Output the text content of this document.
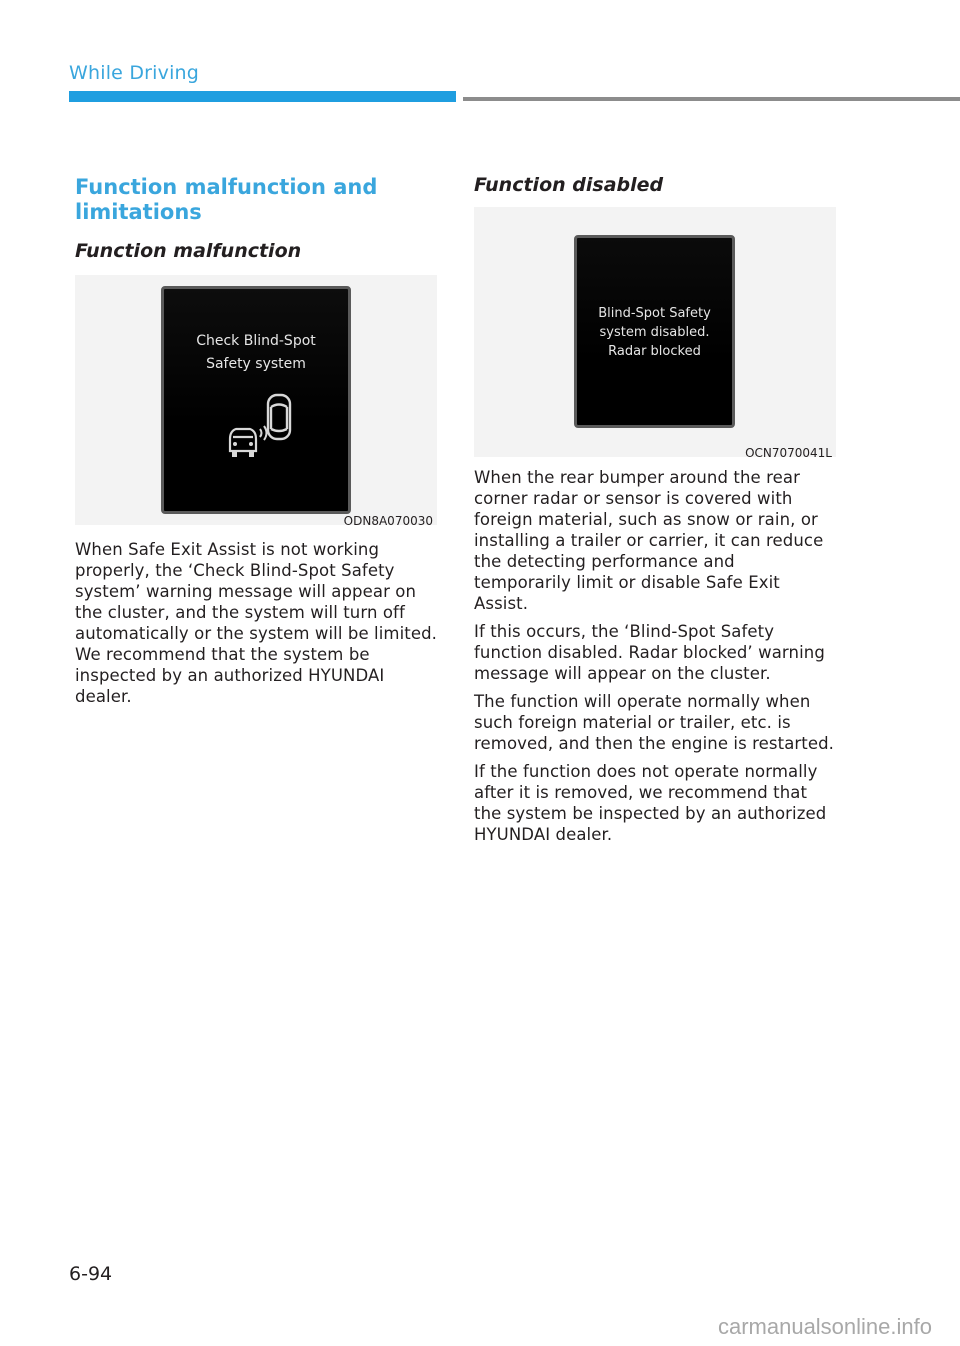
While Driving
Function malfunction and limitations
Function malfunction
Check Blind-Spot
Safety system
ODN8A070030

When Safe Exit Assist is not working properly, the ‘Check Blind-Spot Safety system’ warning message will appear on the cluster, and the system will turn off automatically or the system will be limited. We recommend that the system be inspected by an authorized HYUNDAI dealer.

Function disabled
Blind-Spot Safety
system disabled.
Radar blocked
OCN7070041L

When the rear bumper around the rear corner radar or sensor is covered with foreign material, such as snow or rain, or installing a trailer or carrier, it can reduce the detecting performance and temporarily limit or disable Safe Exit Assist.

If this occurs, the ‘Blind-Spot Safety function disabled. Radar blocked’ warning message will appear on the cluster.

The function will operate normally when such foreign material or trailer, etc. is removed, and then the engine is restarted.

If the function does not operate normally after it is removed, we recommend that the system be inspected by an authorized HYUNDAI dealer.

6-94
carmanualsonline.info
